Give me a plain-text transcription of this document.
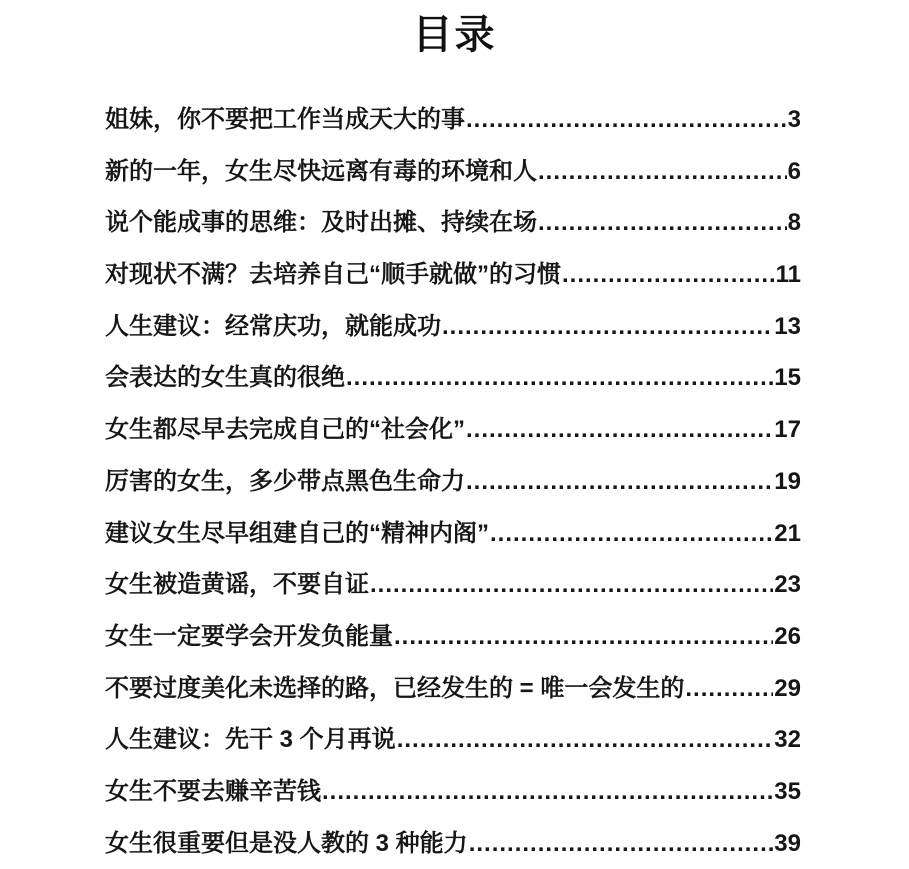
目录
姐妹，你不要把工作当成天大的事 .....	3
新的一年，女生尽快远离有毒的环境和人 .....	6
说个能成事的思维：及时出摊、持续在场 .....	8
对现状不满？去培养自己“顺手就做”的习惯 .....	11
人生建议：经常庆功，就能成功 .....	13
会表达的女生真的很绝 .....	15
女生都尽早去完成自己的“社会化” .....	17
厉害的女生，多少带点黑色生命力 .....	19
建议女生尽早组建自己的“精神内阁” .....	21
女生被造黄谣，不要自证 .....	23
女生一定要学会开发负能量 .....	26
不要过度美化未选择的路，已经发生的 = 唯一会发生的 .....	29
人生建议：先干 3 个月再说 .....	32
女生不要去赚辛苦钱 .....	35
女生很重要但是没人教的 3 种能力 .....	39
